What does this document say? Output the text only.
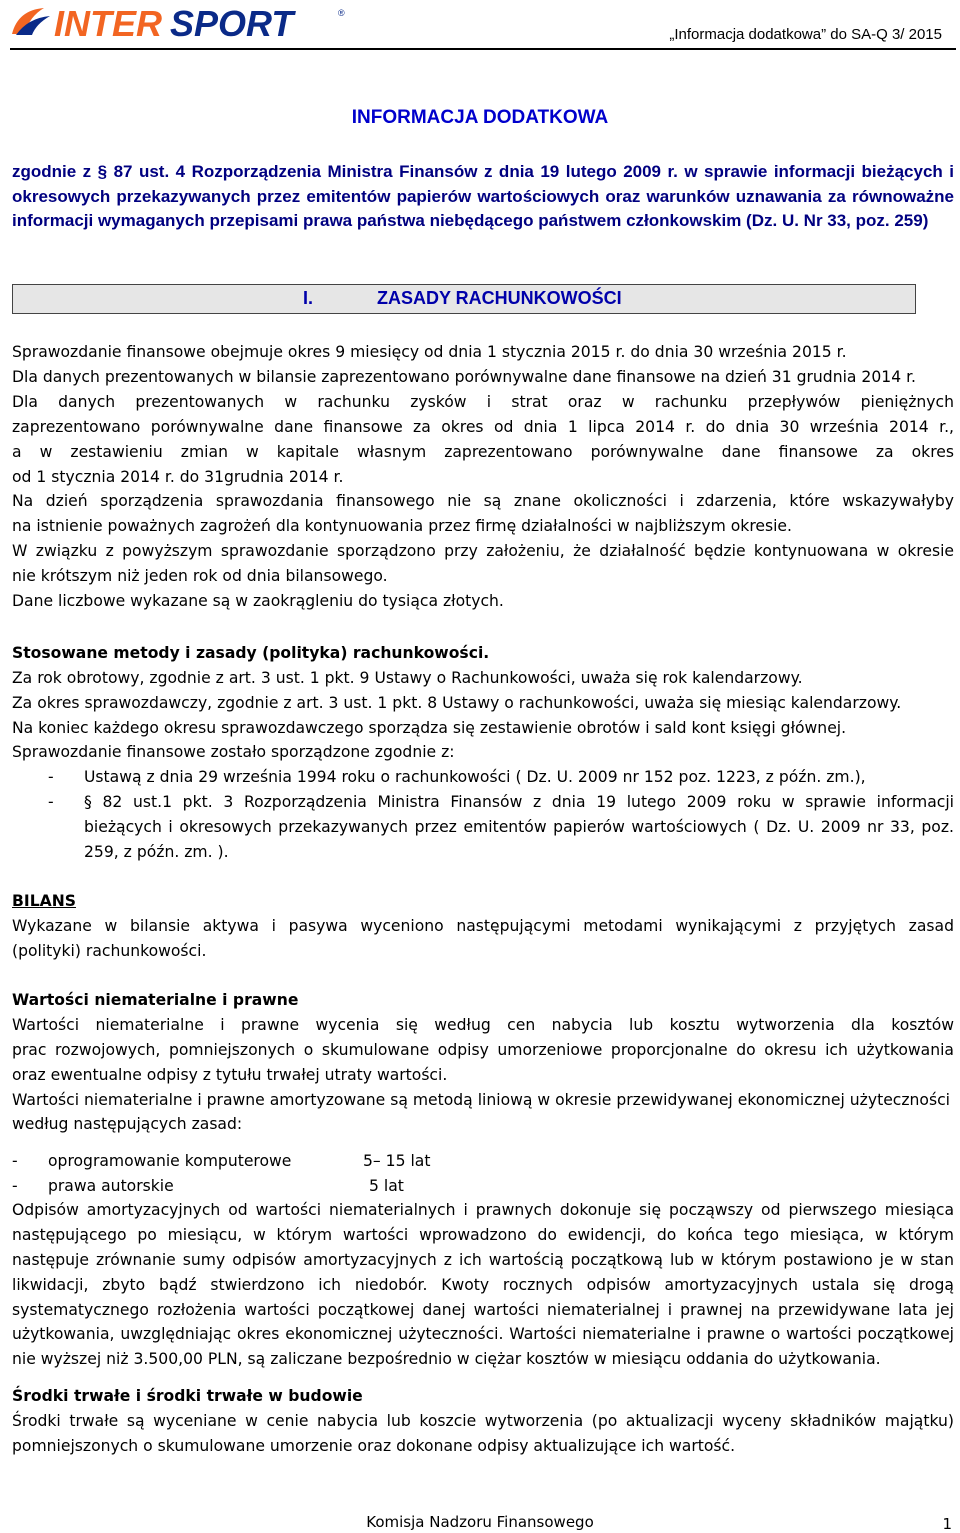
INTER SPORT	®
„Informacja dodatkowa” do SA-Q 3/ 2015
INFORMACJA DODATKOWA
zgodnie z § 87 ust. 4 Rozporządzenia Ministra Finansów z dnia 19 lutego 2009 r. w sprawie informacji bieżących i okresowych przekazywanych przez emitentów papierów wartościowych oraz warunków uznawania za równoważne informacji wymaganych przepisami prawa państwa niebędącego państwem członkowskim (Dz. U. Nr 33, poz. 259)
I.	ZASADY RACHUNKOWOŚCI
Sprawozdanie finansowe obejmuje okres 9 miesięcy od dnia 1 stycznia 2015 r. do dnia 30 września 2015 r.
Dla danych prezentowanych w bilansie zaprezentowano porównywalne dane finansowe na dzień 31 grudnia 2014 r.
Dla danych prezentowanych w rachunku zysków i strat oraz w rachunku przepływów pieniężnych
zaprezentowano porównywalne dane finansowe za okres od dnia 1 lipca 2014 r. do dnia 30 września 2014 r.,
a w zestawieniu zmian w kapitale własnym zaprezentowano porównywalne dane finansowe za okres
od 1 stycznia 2014 r. do 31grudnia 2014 r.
Na dzień sporządzenia sprawozdania finansowego nie są znane okoliczności i zdarzenia, które wskazywałyby
na istnienie poważnych zagrożeń dla kontynuowania przez firmę działalności w najbliższym okresie.
W związku z powyższym sprawozdanie sporządzono przy założeniu, że działalność będzie kontynuowana w okresie
nie krótszym niż jeden rok od dnia bilansowego.
Dane liczbowe wykazane są w zaokrągleniu do tysiąca złotych.
Stosowane metody i zasady (polityka) rachunkowości.
Za rok obrotowy, zgodnie z art. 3 ust. 1 pkt. 9 Ustawy o Rachunkowości, uważa się rok kalendarzowy.
Za okres sprawozdawczy, zgodnie z art. 3 ust. 1 pkt. 8 Ustawy o rachunkowości, uważa się miesiąc kalendarzowy.
Na koniec każdego okresu sprawozdawczego sporządza się zestawienie obrotów i sald kont księgi głównej.
Sprawozdanie finansowe zostało sporządzone zgodnie z:
-	Ustawą z dnia 29 września 1994 roku o rachunkowości ( Dz. U. 2009 nr 152 poz. 1223, z późn. zm.),
-	§ 82 ust.1 pkt. 3 Rozporządzenia Ministra Finansów z dnia 19 lutego 2009 roku w sprawie informacji
bieżących i okresowych przekazywanych przez emitentów papierów wartościowych ( Dz. U. 2009 nr 33, poz.
259, z późn. zm. ).
BILANS
Wykazane w bilansie aktywa i pasywa wyceniono następującymi metodami wynikającymi z przyjętych zasad
(polityki) rachunkowości.
Wartości niematerialne i prawne
Wartości niematerialne i prawne wycenia się według cen nabycia lub kosztu wytworzenia dla kosztów
prac rozwojowych, pomniejszonych o skumulowane odpisy umorzeniowe proporcjonalne do okresu ich użytkowania
oraz ewentualne odpisy z tytułu trwałej utraty wartości.
Wartości niematerialne i prawne amortyzowane są metodą liniową w okresie przewidywanej ekonomicznej użyteczności
według następujących zasad:
-	oprogramowanie komputerowe	5– 15 lat
-	prawa autorskie	5 lat
Odpisów amortyzacyjnych od wartości niematerialnych i prawnych dokonuje się począwszy od pierwszego miesiąca
następującego po miesiącu, w którym wartości wprowadzono do ewidencji, do końca tego miesiąca, w którym
następuje zrównanie sumy odpisów amortyzacyjnych z ich wartością początkową lub w którym postawiono je w stan
likwidacji, zbyto bądź stwierdzono ich niedobór. Kwoty rocznych odpisów amortyzacyjnych ustala się drogą
systematycznego rozłożenia wartości początkowej danej wartości niematerialnej i prawnej na przewidywane lata jej
użytkowania, uwzględniając okres ekonomicznej użyteczności. Wartości niematerialne i prawne o wartości początkowej
nie wyższej niż 3.500,00 PLN, są zaliczane bezpośrednio w ciężar kosztów w miesiącu oddania do użytkowania.
Środki trwałe i środki trwałe w budowie
Środki trwałe są wyceniane w cenie nabycia lub koszcie wytworzenia (po aktualizacji wyceny składników majątku)
pomniejszonych o skumulowane umorzenie oraz dokonane odpisy aktualizujące ich wartość.
Komisja Nadzoru Finansowego	1
